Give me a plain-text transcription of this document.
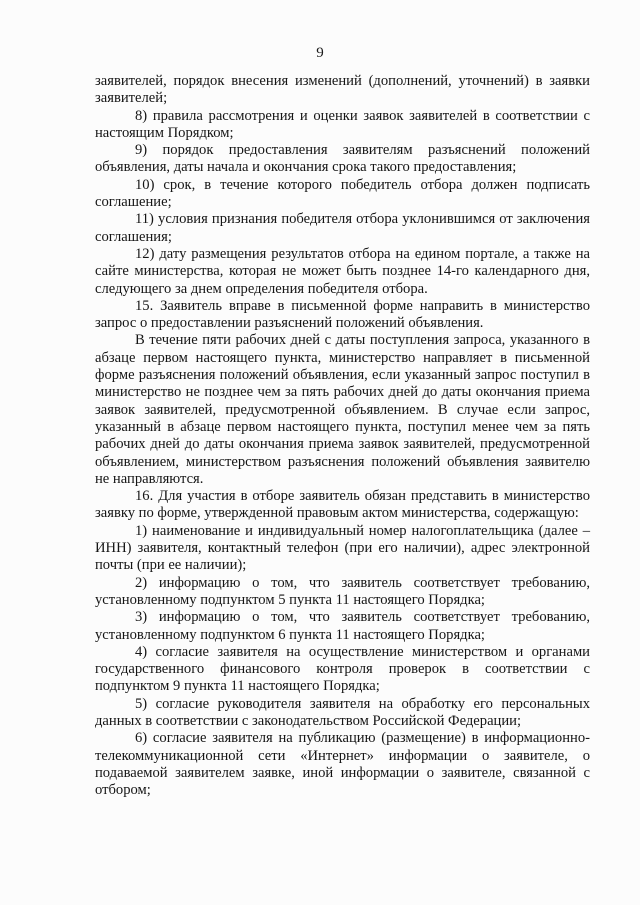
9

заявителей, порядок внесения изменений (дополнений, уточнений) в заявки заявителей;

8) правила рассмотрения и оценки заявок заявителей в соответствии с настоящим Порядком;

9) порядок предоставления заявителям разъяснений положений объявления, даты начала и окончания срока такого предоставления;

10) срок, в течение которого победитель отбора должен подписать соглашение;

11) условия признания победителя отбора уклонившимся от заключения соглашения;

12) дату размещения результатов отбора на едином портале, а также на сайте министерства, которая не может быть позднее 14-го календарного дня, следующего за днем определения победителя отбора.

15. Заявитель вправе в письменной форме направить в министерство запрос о предоставлении разъяснений положений объявления.

В течение пяти рабочих дней с даты поступления запроса, указанного в абзаце первом настоящего пункта, министерство направляет в письменной форме разъяснения положений объявления, если указанный запрос поступил в министерство не позднее чем за пять рабочих дней до даты окончания приема заявок заявителей, предусмотренной объявлением. В случае если запрос, указанный в абзаце первом настоящего пункта, поступил менее чем за пять рабочих дней до даты окончания приема заявок заявителей, предусмотренной объявлением, министерством разъяснения положений объявления заявителю не направляются.

16. Для участия в отборе заявитель обязан представить в министерство заявку по форме, утвержденной правовым актом министерства, содержащую:

1) наименование и индивидуальный номер налогоплательщика (далее – ИНН) заявителя, контактный телефон (при его наличии), адрес электронной почты (при ее наличии);

2) информацию о том, что заявитель соответствует требованию, установленному подпунктом 5 пункта 11 настоящего Порядка;

3) информацию о том, что заявитель соответствует требованию, установленному подпунктом 6 пункта 11 настоящего Порядка;

4) согласие заявителя на осуществление министерством и органами государственного финансового контроля проверок в соответствии с подпунктом 9 пункта 11 настоящего Порядка;

5) согласие руководителя заявителя на обработку его персональных данных в соответствии с законодательством Российской Федерации;

6) согласие заявителя на публикацию (размещение) в информационно-телекоммуникационной сети «Интернет» информации о заявителе, о подаваемой заявителем заявке, иной информации о заявителе, связанной с отбором;
